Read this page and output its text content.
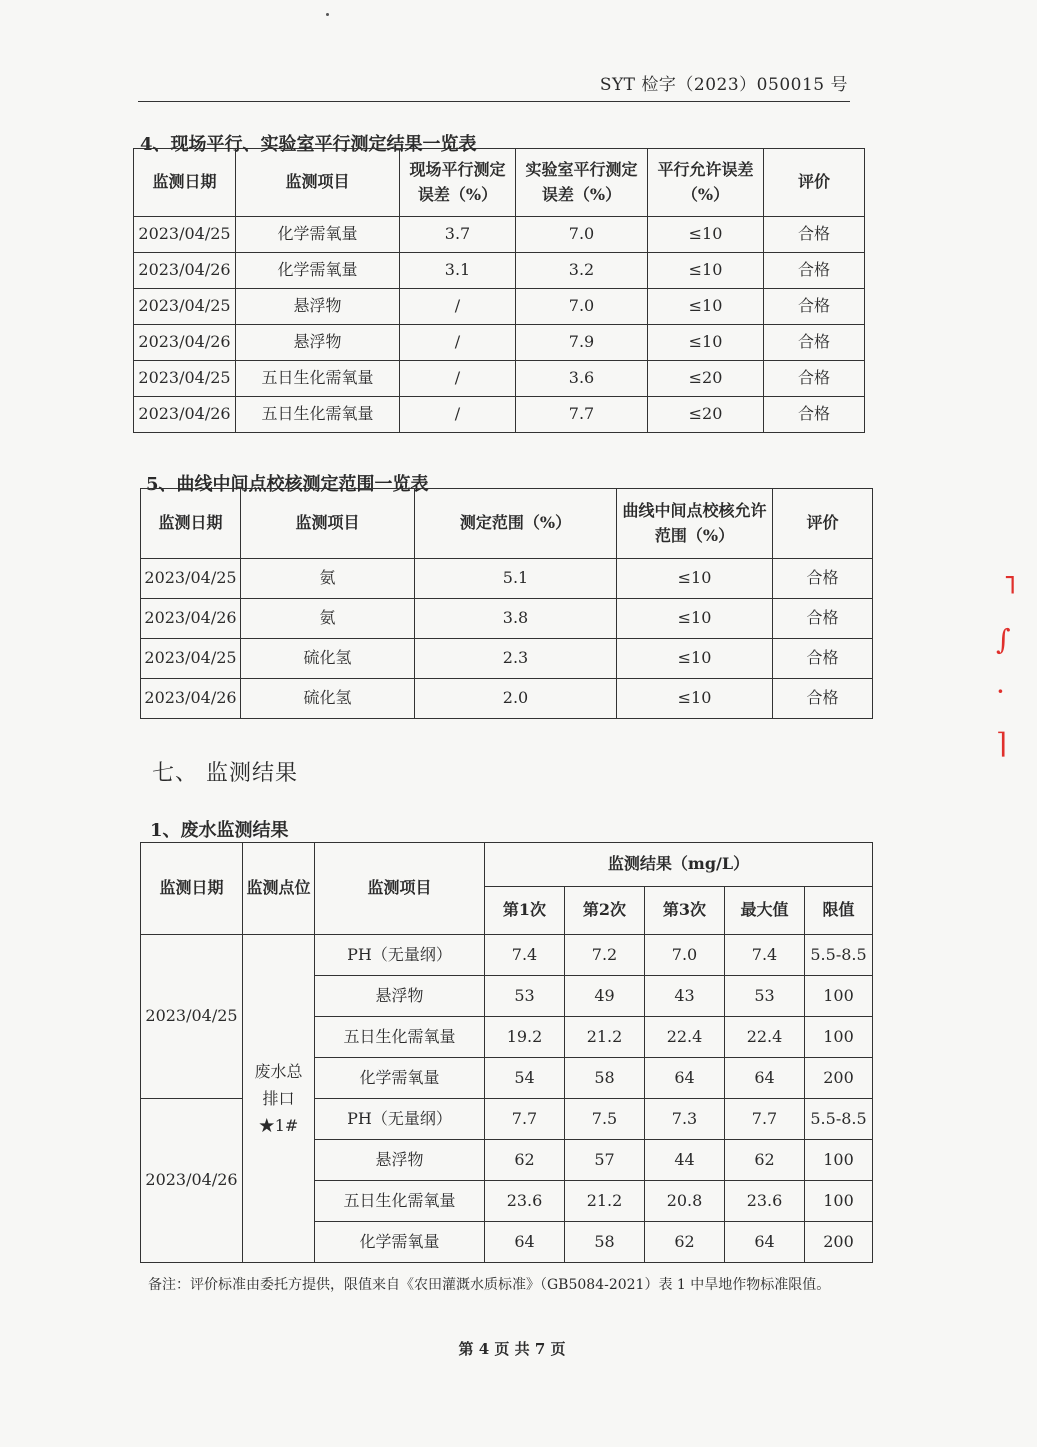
SYT 检字（2023）050015 号
4、现场平行、实验室平行测定结果一览表
监测日期	监测项目	现场平行测定误差（%）	实验室平行测定误差（%）	平行允许误差（%）	评价
2023/04/25	化学需氧量	3.7	7.0	≤10	合格
2023/04/26	化学需氧量	3.1	3.2	≤10	合格
2023/04/25	悬浮物	/	7.0	≤10	合格
2023/04/26	悬浮物	/	7.9	≤10	合格
2023/04/25	五日生化需氧量	/	3.6	≤20	合格
2023/04/26	五日生化需氧量	/	7.7	≤20	合格
5、曲线中间点校核测定范围一览表
监测日期	监测项目	测定范围（%）	曲线中间点校核允许范围（%）	评价
2023/04/25	氨	5.1	≤10	合格
2023/04/26	氨	3.8	≤10	合格
2023/04/25	硫化氢	2.3	≤10	合格
2023/04/26	硫化氢	2.0	≤10	合格
七、 监测结果
1、废水监测结果
监测日期	监测点位	监测项目	监测结果（mg/L）				
			第1次	第2次	第3次	最大值	限值
2023/04/25	废水总排口★1#	PH（无量纲）	7.4	7.2	7.0	7.4	5.5-8.5
		悬浮物	53	49	43	53	100
		五日生化需氧量	19.2	21.2	22.4	22.4	100
		化学需氧量	54	58	64	64	200
2023/04/26		PH（无量纲）	7.7	7.5	7.3	7.7	5.5-8.5
		悬浮物	62	57	44	62	100
		五日生化需氧量	23.6	21.2	20.8	23.6	100
		化学需氧量	64	58	62	64	200
备注：评价标准由委托方提供，限值来自《农田灌溉水质标准》（GB5084-2021）表 1 中旱地作物标准限值。
第 4 页 共 7 页
⌐
∫
·
⌉
